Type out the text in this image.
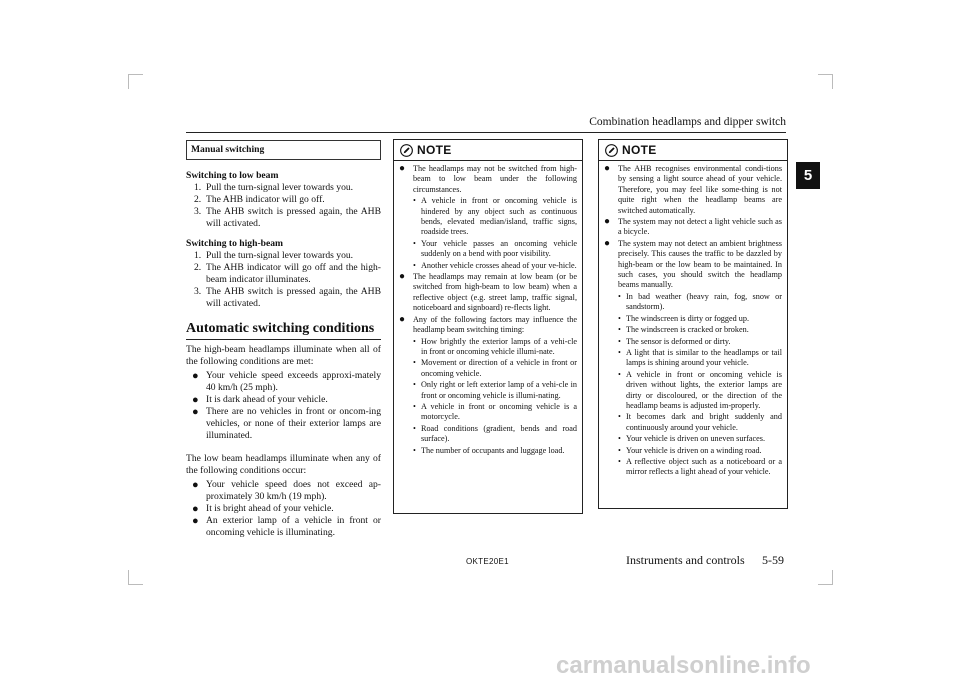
Combination headlamps and dipper switch
5
Manual switching
Switching to low beam
1. Pull the turn-signal lever towards you.
2. The AHB indicator will go off.
3. The AHB switch is pressed again, the AHB will activated.
Switching to high-beam
1. Pull the turn-signal lever towards you.
2. The AHB indicator will go off and the high-beam indicator illuminates.
3. The AHB switch is pressed again, the AHB will activated.
Automatic switching conditions
The high-beam headlamps illuminate when all of the following conditions are met:
● Your vehicle speed exceeds approxi-mately 40 km/h (25 mph).
● It is dark ahead of your vehicle.
● There are no vehicles in front or oncom-ing vehicles, or none of their exterior lamps are illuminated.
The low beam headlamps illuminate when any of the following conditions occur:
● Your vehicle speed does not exceed ap-proximately 30 km/h (19 mph).
● It is bright ahead of your vehicle.
● An exterior lamp of a vehicle in front or oncoming vehicle is illuminating.
NOTE
● The headlamps may not be switched from high-beam to low beam under the following circumstances.
• A vehicle in front or oncoming vehicle is hindered by any object such as continuous bends, elevated median/island, traffic signs, roadside trees.
• Your vehicle passes an oncoming vehicle suddenly on a bend with poor visibility.
• Another vehicle crosses ahead of your ve-hicle.
● The headlamps may remain at low beam (or be switched from high-beam to low beam) when a reflective object (e.g. street lamp, traffic signal, noticeboard and signboard) re-flects light.
● Any of the following factors may influence the headlamp beam switching timing:
• How brightly the exterior lamps of a vehi-cle in front or oncoming vehicle illumi-nate.
• Movement or direction of a vehicle in front or oncoming vehicle.
• Only right or left exterior lamp of a vehi-cle in front or oncoming vehicle is illumi-nating.
• A vehicle in front or oncoming vehicle is a motorcycle.
• Road conditions (gradient, bends and road surface).
• The number of occupants and luggage load.
NOTE
● The AHB recognises environmental condi-tions by sensing a light source ahead of your vehicle. Therefore, you may feel like some-thing is not quite right when the headlamp beams are switched automatically.
● The system may not detect a light vehicle such as a bicycle.
● The system may not detect an ambient brightness precisely. This causes the traffic to be dazzled by high-beam or the low beam to be maintained. In such cases, you should switch the headlamp beams manually.
• In bad weather (heavy rain, fog, snow or sandstorm).
• The windscreen is dirty or fogged up.
• The windscreen is cracked or broken.
• The sensor is deformed or dirty.
• A light that is similar to the headlamps or tail lamps is shining around your vehicle.
• A vehicle in front or oncoming vehicle is driven without lights, the exterior lamps are dirty or discoloured, or the direction of the headlamp beams is adjusted im-properly.
• It becomes dark and bright suddenly and continuously around your vehicle.
• Your vehicle is driven on uneven surfaces.
• Your vehicle is driven on a winding road.
• A reflective object such as a noticeboard or a mirror reflects a light ahead of your vehicle.
OKTE20E1	Instruments and controls 5-59
carmanualsonline.info
